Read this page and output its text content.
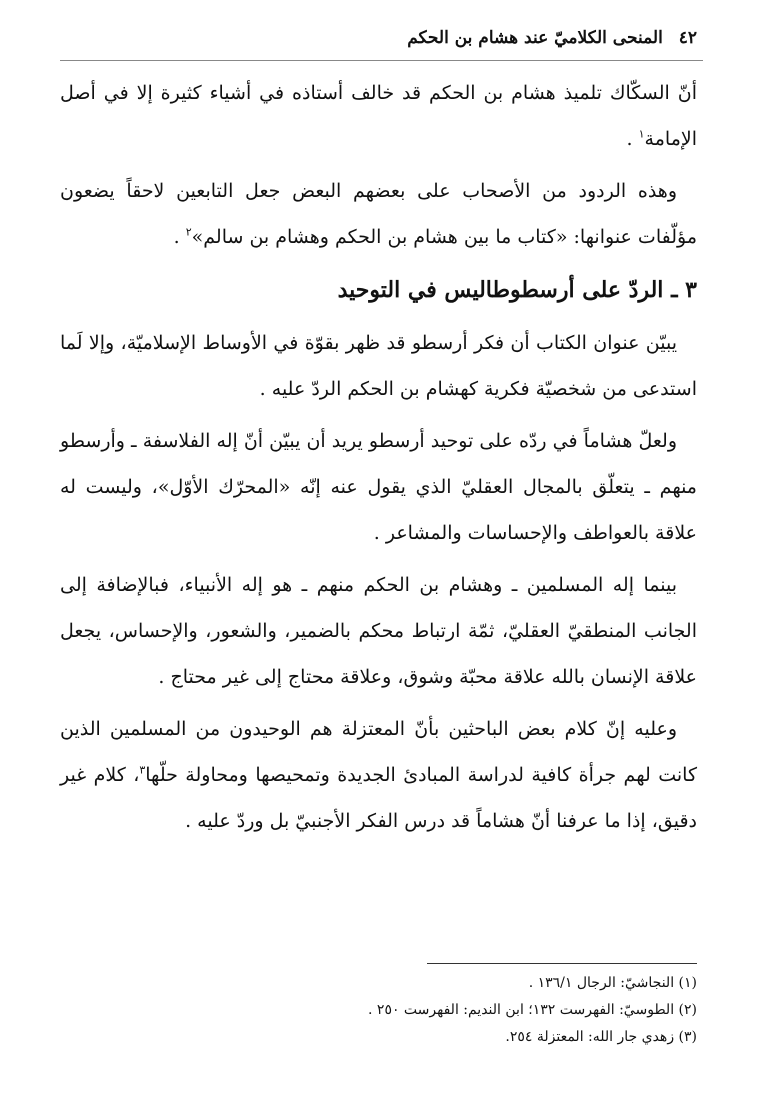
٤٢ المنحى الكلاميّ عند هشام بن الحكم

أنّ السكّاك تلميذ هشام بن الحكم قد خالف أستاذه في أشياء كثيرة إلا في أصل الإمامة$^١$ .

وهذه الردود من الأصحاب على بعضهم البعض جعل التابعين لاحقاً يضعون مؤلّفات عنوانها: «كتاب ما بين هشام بن الحكم وهشام بن سالم»$^٢$ .

٣ ـ الردّ على أرسطوطاليس في التوحيد

يبيّن عنوان الكتاب أن فكر أرسطو قد ظهر بقوّة في الأوساط الإسلاميّة، وإلا لَما استدعى من شخصيّة فكرية كهشام بن الحكم الردّ عليه .

ولعلّ هشاماً في ردّه على توحيد أرسطو يريد أن يبيّن أنّ إله الفلاسفة ـ وأرسطو منهم ـ يتعلّق بالمجال العقليّ الذي يقول عنه إنّه «المحرّك الأوّل»، وليست له علاقة بالعواطف والإحساسات والمشاعر .

بينما إله المسلمين ـ وهشام بن الحكم منهم ـ هو إله الأنبياء، فبالإضافة إلى الجانب المنطقيّ العقليّ، ثمّة ارتباط محكم بالضمير، والشعور، والإحساس، يجعل علاقة الإنسان بالله علاقة محبّة وشوق، وعلاقة محتاج إلى غير محتاج .

وعليه إنّ كلام بعض الباحثين بأنّ المعتزلة هم الوحيدون من المسلمين الذين كانت لهم جرأة كافية لدراسة المبادئ الجديدة وتمحيصها ومحاولة حلّها$^٣$، كلام غير دقيق، إذا ما عرفنا أنّ هشاماً قد درس الفكر الأجنبيّ بل وردّ عليه .

(١) النجاشيّ: الرجال ١٣٦/١ .
(٢) الطوسيّ: الفهرست ١٣٢؛ ابن النديم: الفهرست ٢٥٠ .
(٣) زهدي جار الله: المعتزلة ٢٥٤.
